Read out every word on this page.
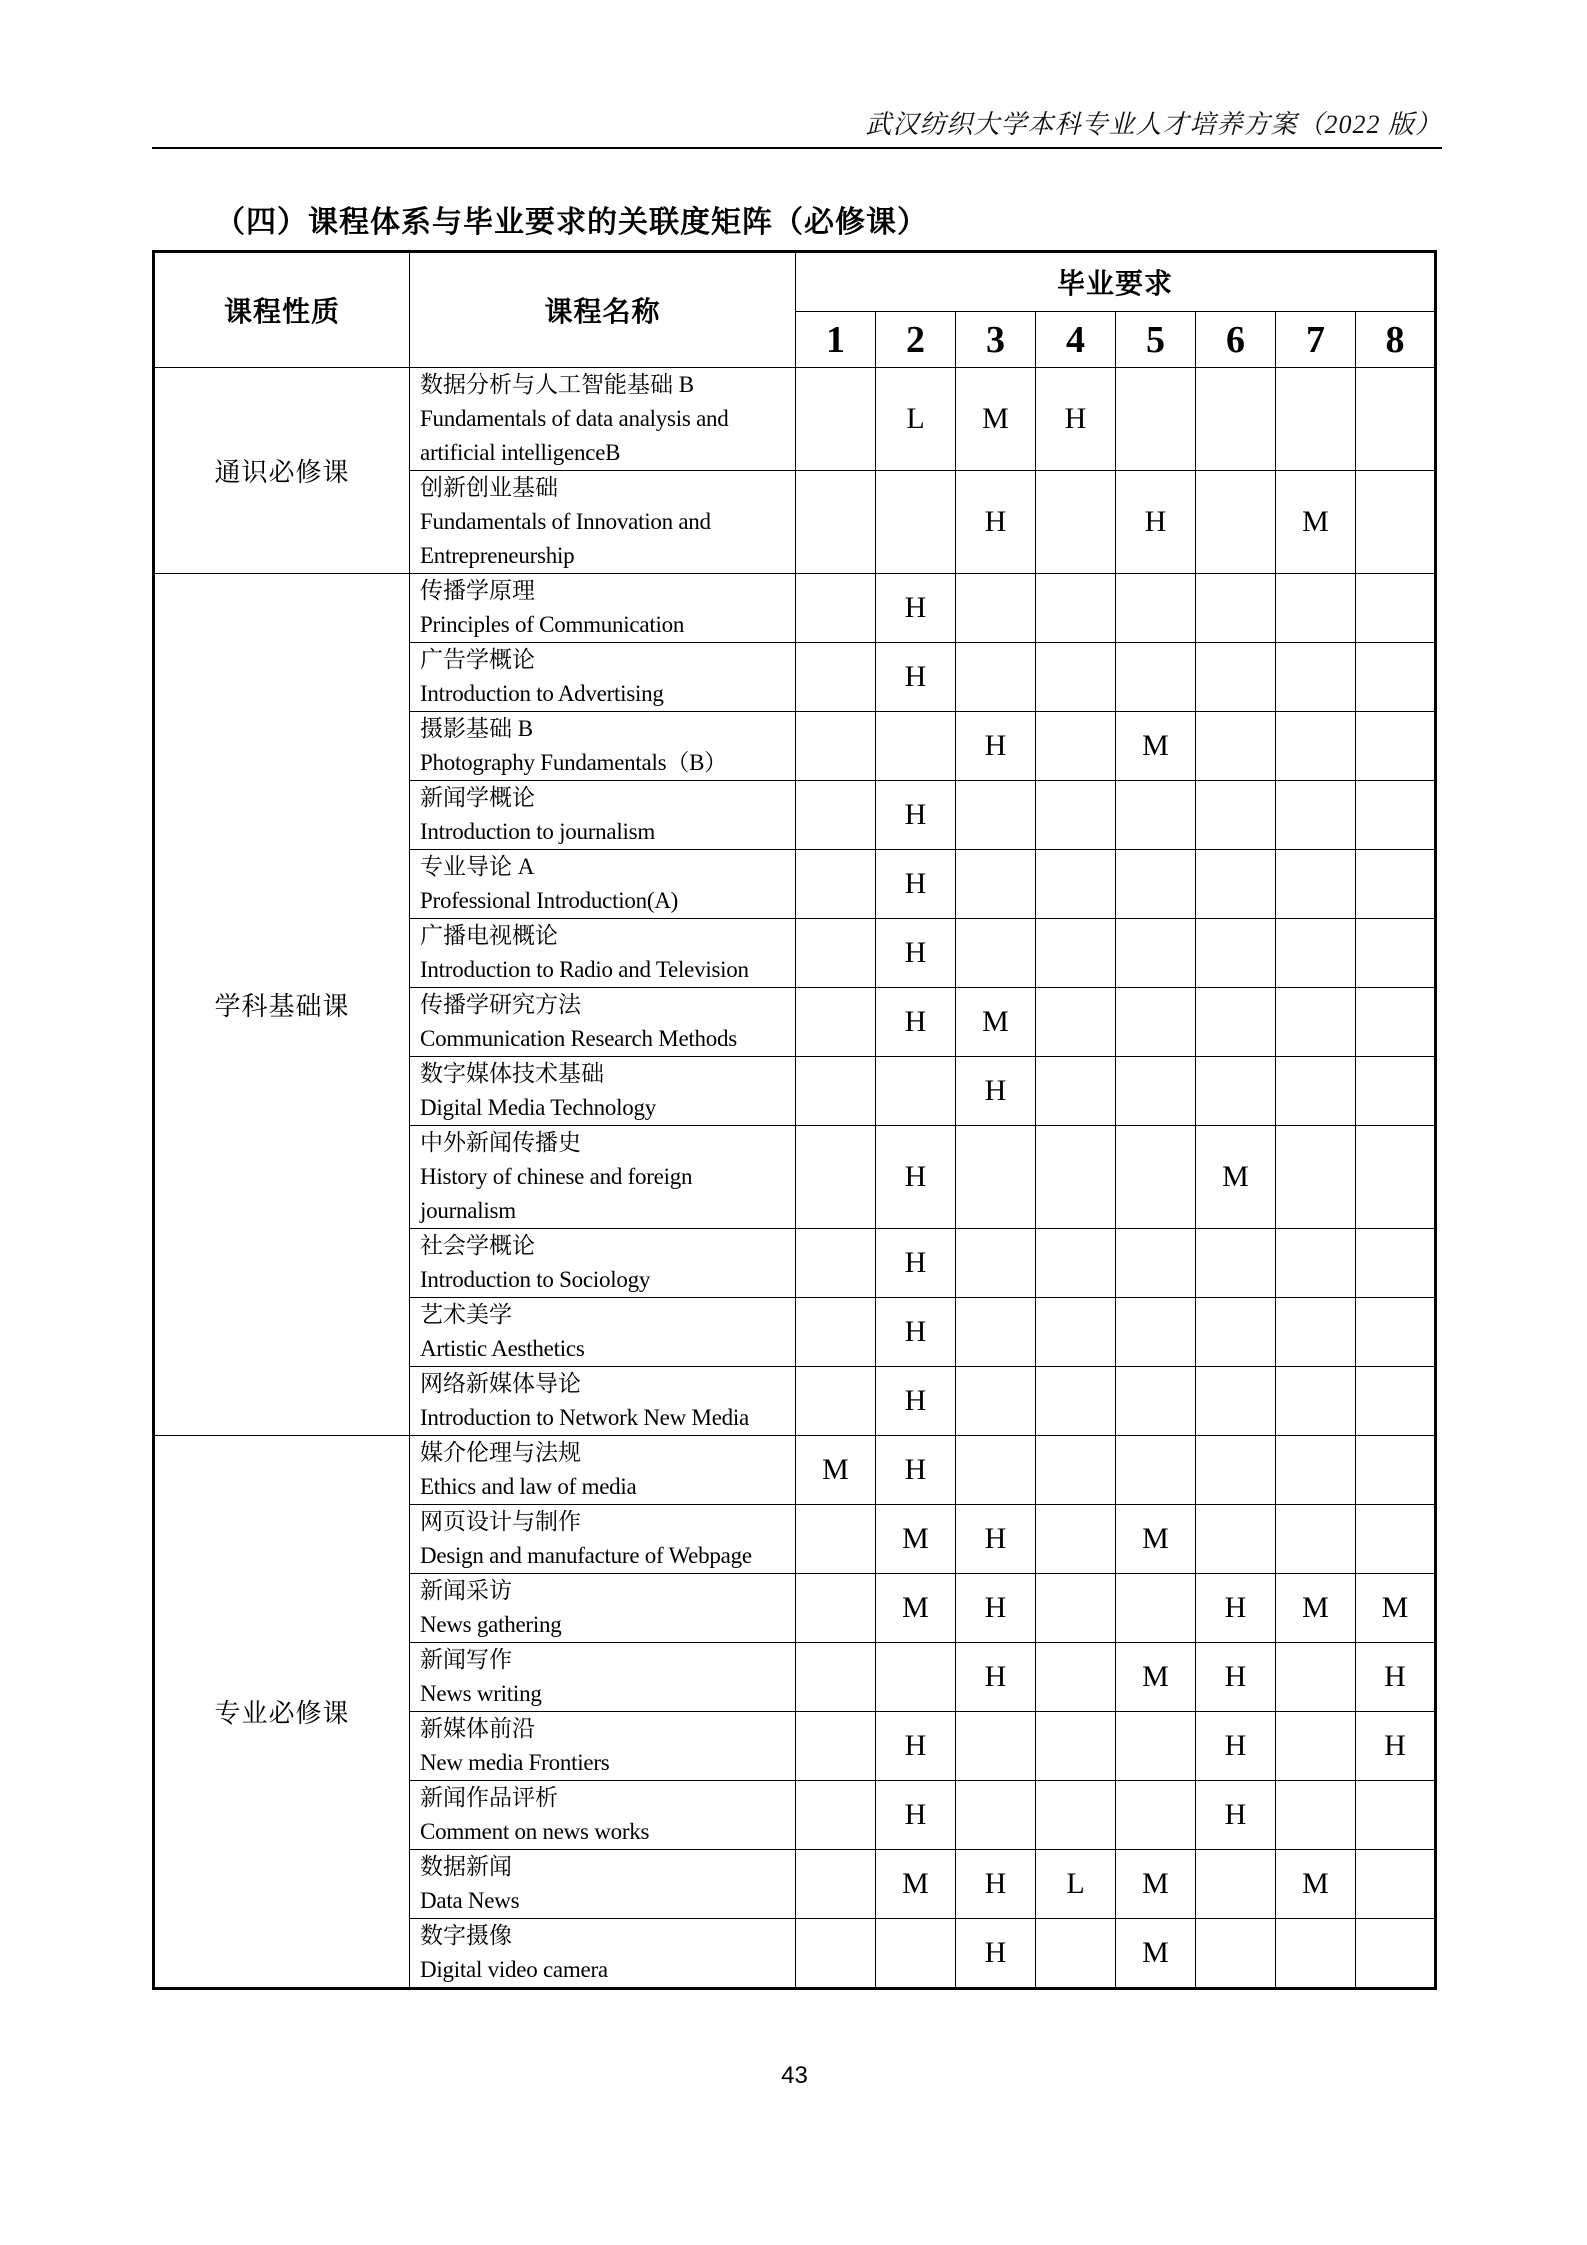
武汉纺织大学本科专业人才培养方案（2022 版）
（四）课程体系与毕业要求的关联度矩阵（必修课）
课程性质	课程名称	毕业要求							
		1	2	3	4	5	6	7	8
通识必修课	数据分析与人工智能基础 B
Fundamentals of data analysis and artificial intelligenceB		L	M	H				

	创新创业基础
Fundamentals of Innovation and Entrepreneurship			H		H		M	
学科基础课	传播学原理
Principles of Communication		H						

	广告学概论
Introduction to Advertising		H						

	摄影基础 B
Photography Fundamentals（B）			H		M			

	新闻学概论
Introduction to journalism		H						

	专业导论 A
Professional Introduction(A)		H						

	广播电视概论
Introduction to Radio and Television		H						

	传播学研究方法
Communication Research Methods		H	M					

	数字媒体技术基础
Digital Media Technology			H					

	中外新闻传播史
History of chinese and foreign journalism		H				M		

	社会学概论
Introduction to Sociology		H						

	艺术美学
Artistic Aesthetics		H						

	网络新媒体导论
Introduction to Network New Media		H						
专业必修课	媒介伦理与法规
Ethics and law of media	M	H						

	网页设计与制作
Design and manufacture of Webpage		M	H		M			

	新闻采访
News gathering		M	H			H	M	M

	新闻写作
News writing			H		M	H		H

	新媒体前沿
New media Frontiers		H				H		H

	新闻作品评析
Comment on news works		H				H		

	数据新闻
Data News		M	H	L	M		M	

	数字摄像
Digital video camera			H		M			
43
